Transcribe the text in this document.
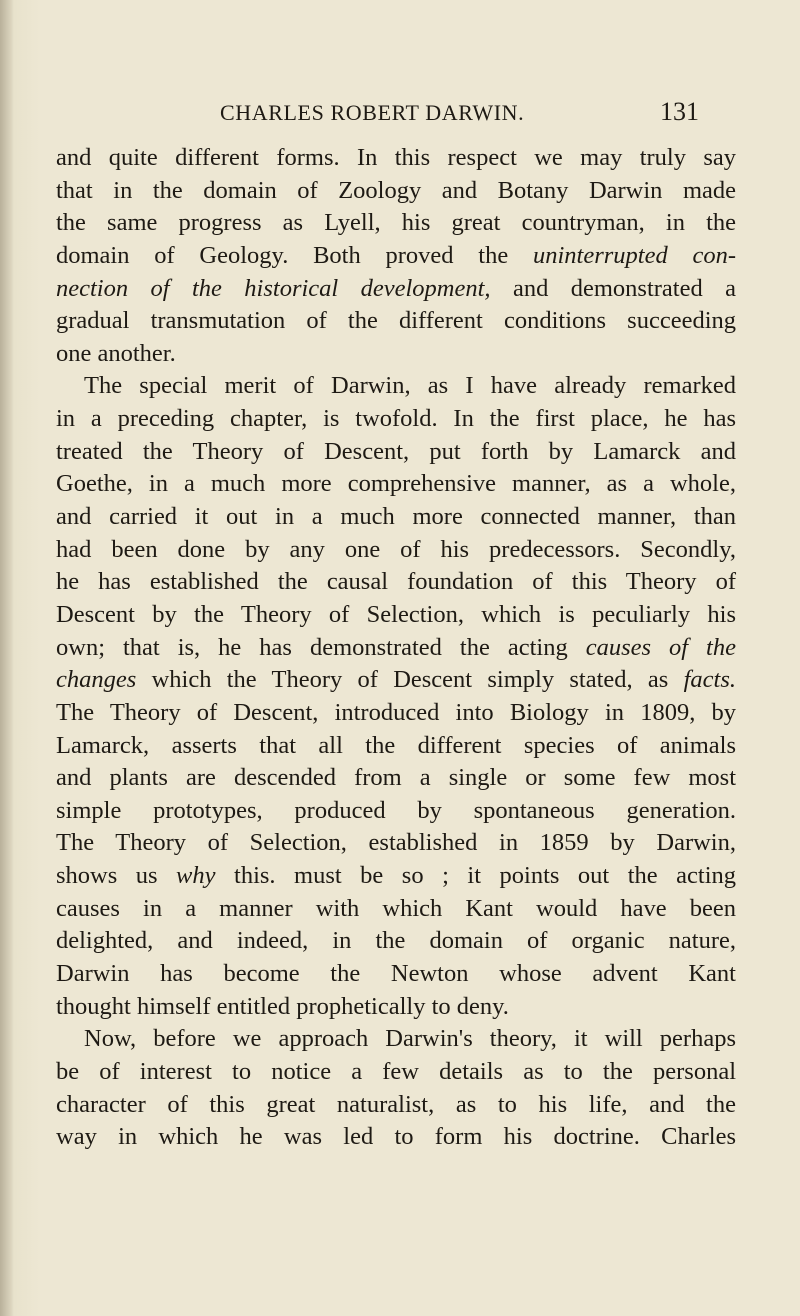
CHARLES ROBERT DARWIN.	131
and quite different forms. In this respect we may truly say
that in the domain of Zoology and Botany Darwin made
the same progress as Lyell, his great countryman, in the
domain of Geology. Both proved the uninterrupted con-
nection of the historical development, and demonstrated a
gradual transmutation of the different conditions succeeding
one another.
The special merit of Darwin, as I have already remarked
in a preceding chapter, is twofold. In the first place, he has
treated the Theory of Descent, put forth by Lamarck and
Goethe, in a much more comprehensive manner, as a whole,
and carried it out in a much more connected manner, than
had been done by any one of his predecessors. Secondly,
he has established the causal foundation of this Theory of
Descent by the Theory of Selection, which is peculiarly his
own; that is, he has demonstrated the acting causes of the
changes which the Theory of Descent simply stated, as facts.
The Theory of Descent, introduced into Biology in 1809, by
Lamarck, asserts that all the different species of animals
and plants are descended from a single or some few most
simple prototypes, produced by spontaneous generation.
The Theory of Selection, established in 1859 by Darwin,
shows us why this. must be so ; it points out the acting
causes in a manner with which Kant would have been
delighted, and indeed, in the domain of organic nature,
Darwin has become the Newton whose advent Kant
thought himself entitled prophetically to deny.
Now, before we approach Darwin's theory, it will perhaps
be of interest to notice a few details as to the personal
character of this great naturalist, as to his life, and the
way in which he was led to form his doctrine. Charles
